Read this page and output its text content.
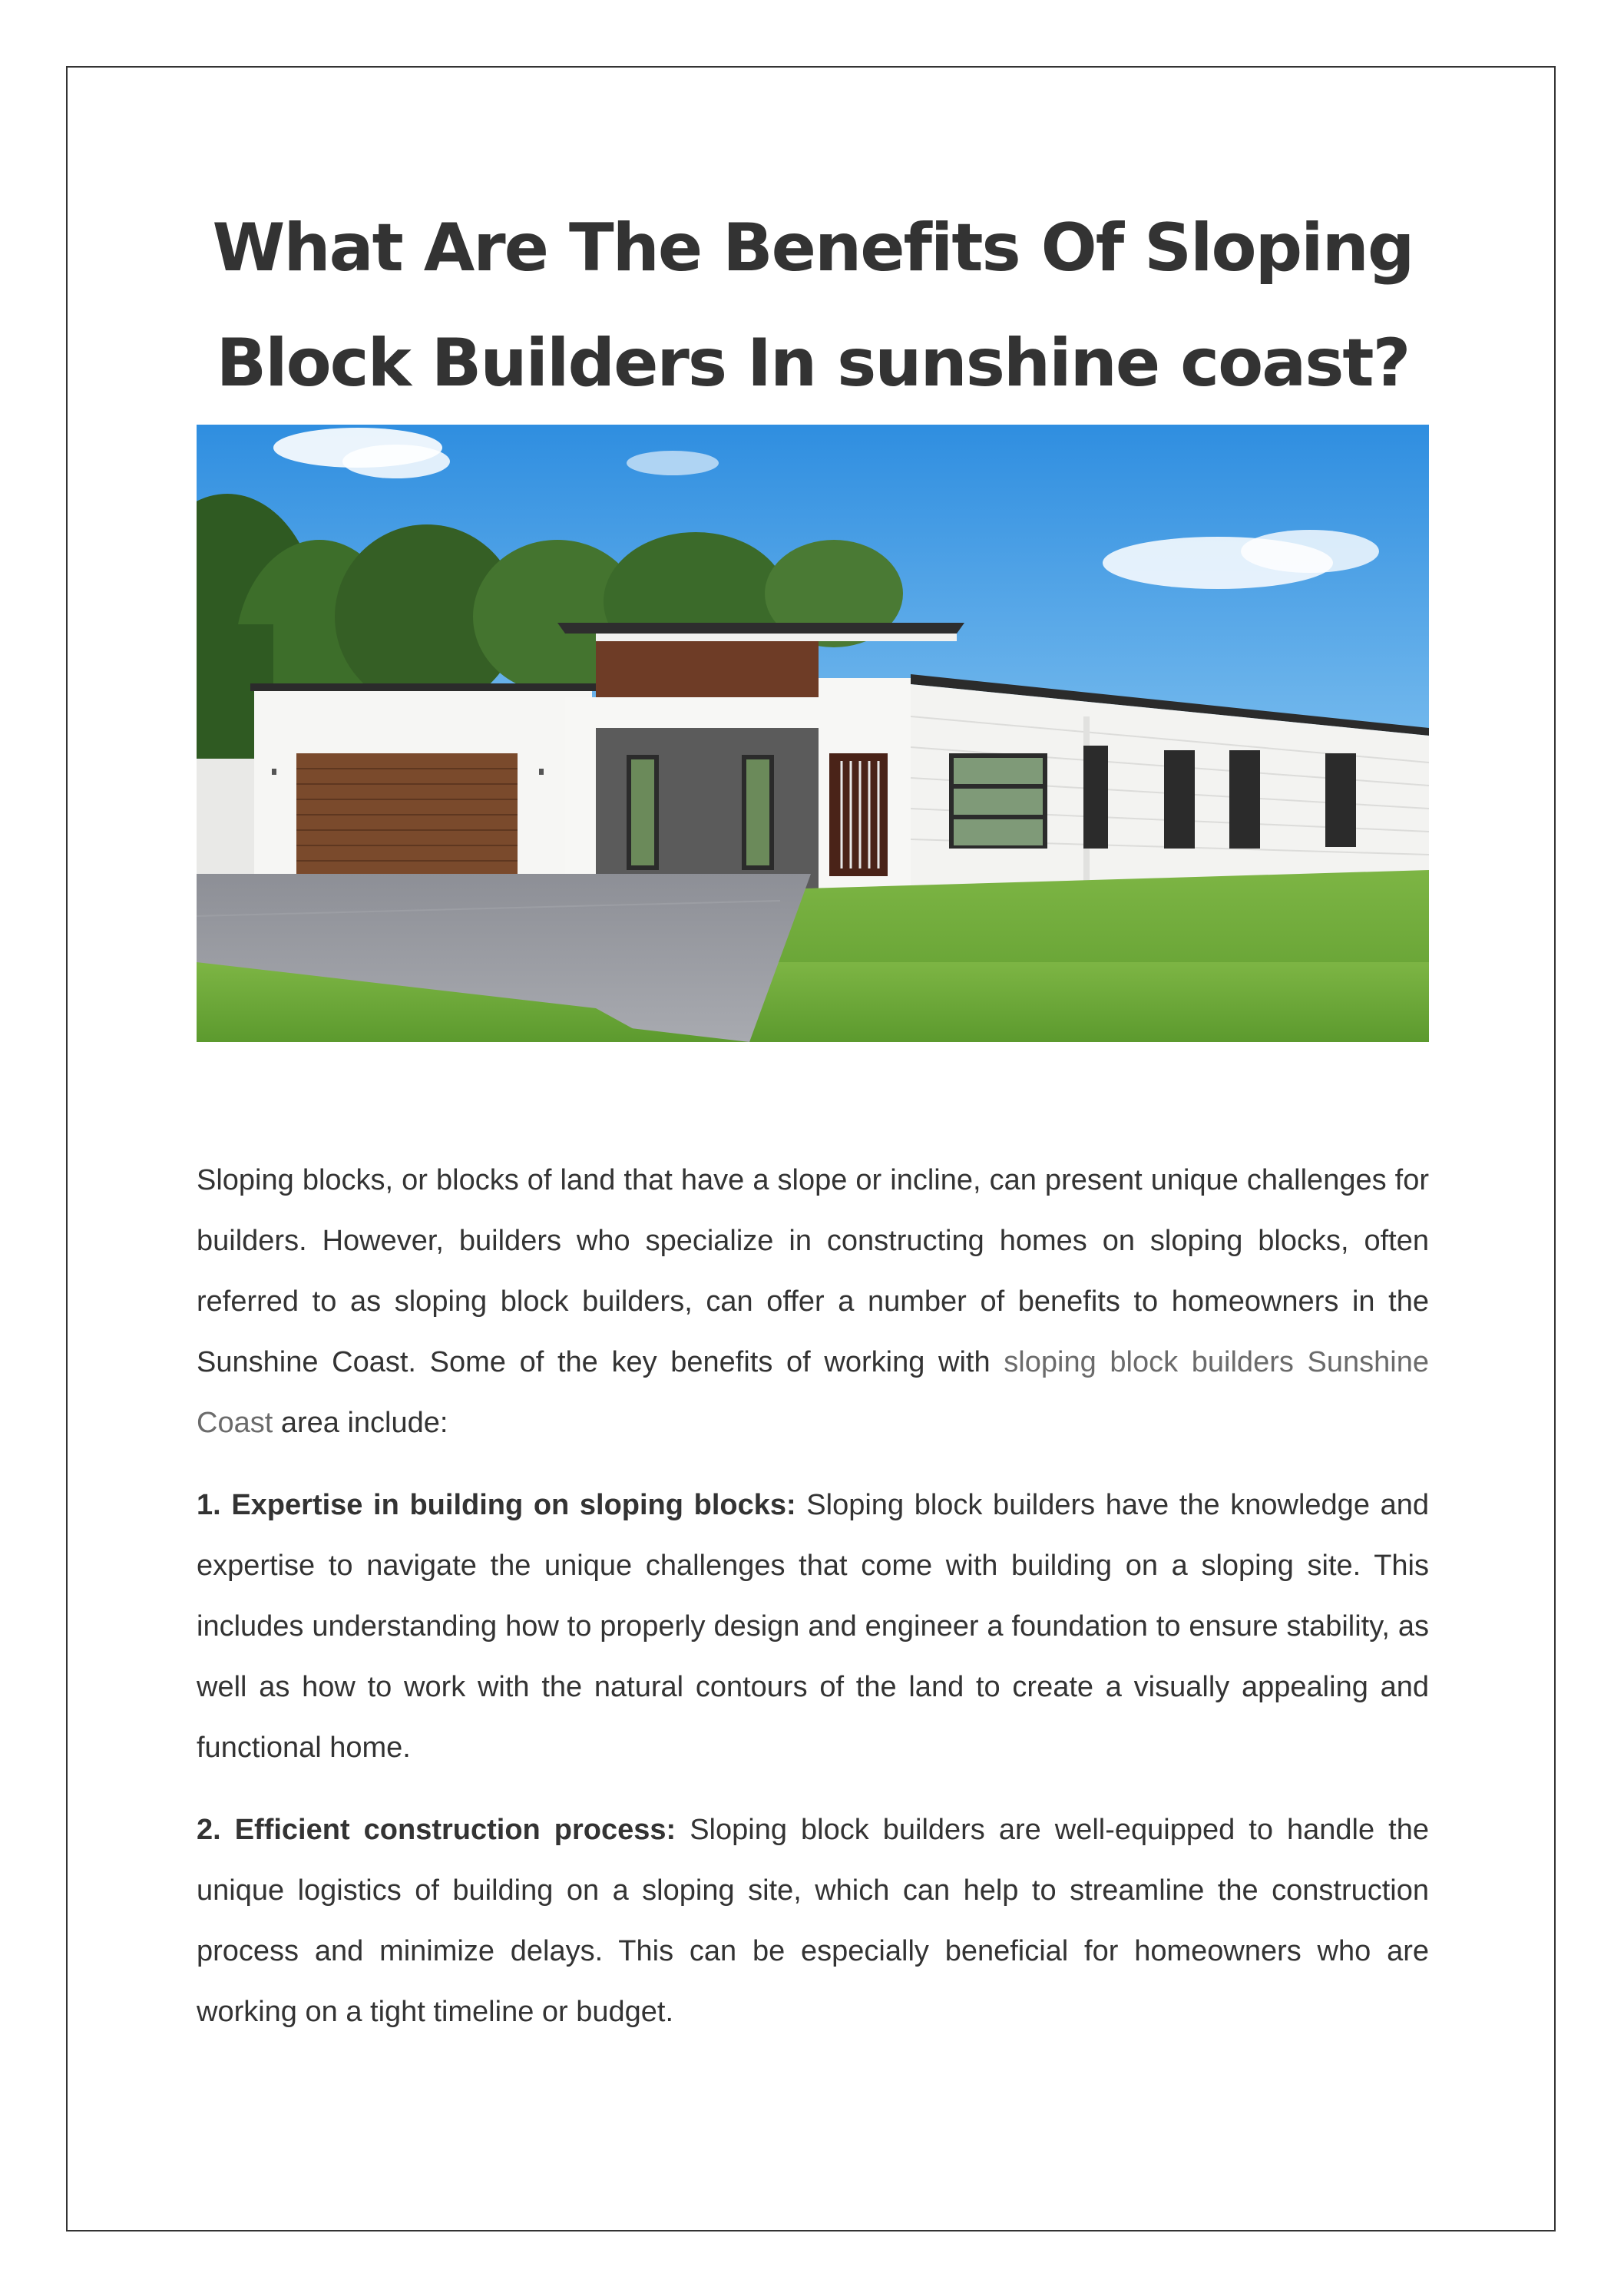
What Are The Benefits Of Sloping Block Builders In sunshine coast?

Sloping blocks, or blocks of land that have a slope or incline, can present unique challenges for builders. However, builders who specialize in constructing homes on sloping blocks, often referred to as sloping block builders, can offer a number of benefits to homeowners in the Sunshine Coast. Some of the key benefits of working with sloping block builders Sunshine Coast area include:

1. Expertise in building on sloping blocks: Sloping block builders have the knowledge and expertise to navigate the unique challenges that come with building on a sloping site. This includes understanding how to properly design and engineer a foundation to ensure stability, as well as how to work with the natural contours of the land to create a visually appealing and functional home.

2. Efficient construction process: Sloping block builders are well-equipped to handle the unique logistics of building on a sloping site, which can help to streamline the construction process and minimize delays. This can be especially beneficial for homeowners who are working on a tight timeline or budget.
